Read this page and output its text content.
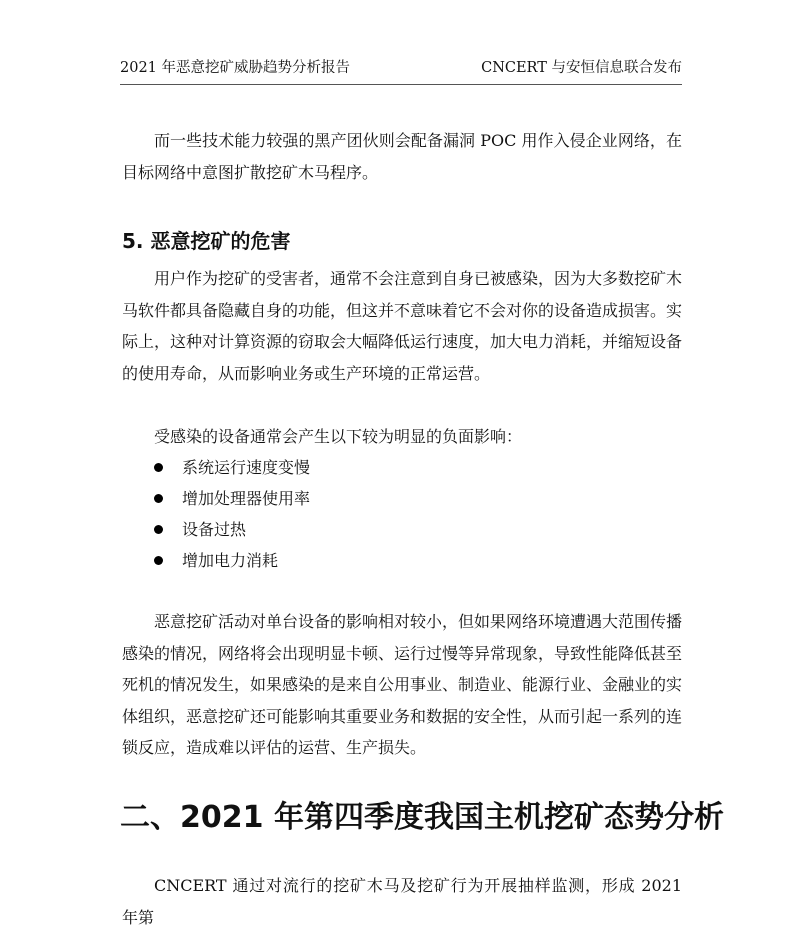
2021 年恶意挖矿威胁趋势分析报告	CNCERT 与安恒信息联合发布

而一些技术能力较强的黑产团伙则会配备漏洞 POC 用作入侵企业网络，在目标网络中意图扩散挖矿木马程序。

5. 恶意挖矿的危害

用户作为挖矿的受害者，通常不会注意到自身已被感染，因为大多数挖矿木马软件都具备隐藏自身的功能，但这并不意味着它不会对你的设备造成损害。实际上，这种对计算资源的窃取会大幅降低运行速度，加大电力消耗，并缩短设备的使用寿命，从而影响业务或生产环境的正常运营。

受感染的设备通常会产生以下较为明显的负面影响：

系统运行速度变慢
增加处理器使用率
设备过热
增加电力消耗

恶意挖矿活动对单台设备的影响相对较小，但如果网络环境遭遇大范围传播感染的情况，网络将会出现明显卡顿、运行过慢等异常现象，导致性能降低甚至死机的情况发生，如果感染的是来自公用事业、制造业、能源行业、金融业的实体组织，恶意挖矿还可能影响其重要业务和数据的安全性，从而引起一系列的连锁反应，造成难以评估的运营、生产损失。

二、2021 年第四季度我国主机挖矿态势分析

CNCERT 通过对流行的挖矿木马及挖矿行为开展抽样监测，形成 2021 年第
